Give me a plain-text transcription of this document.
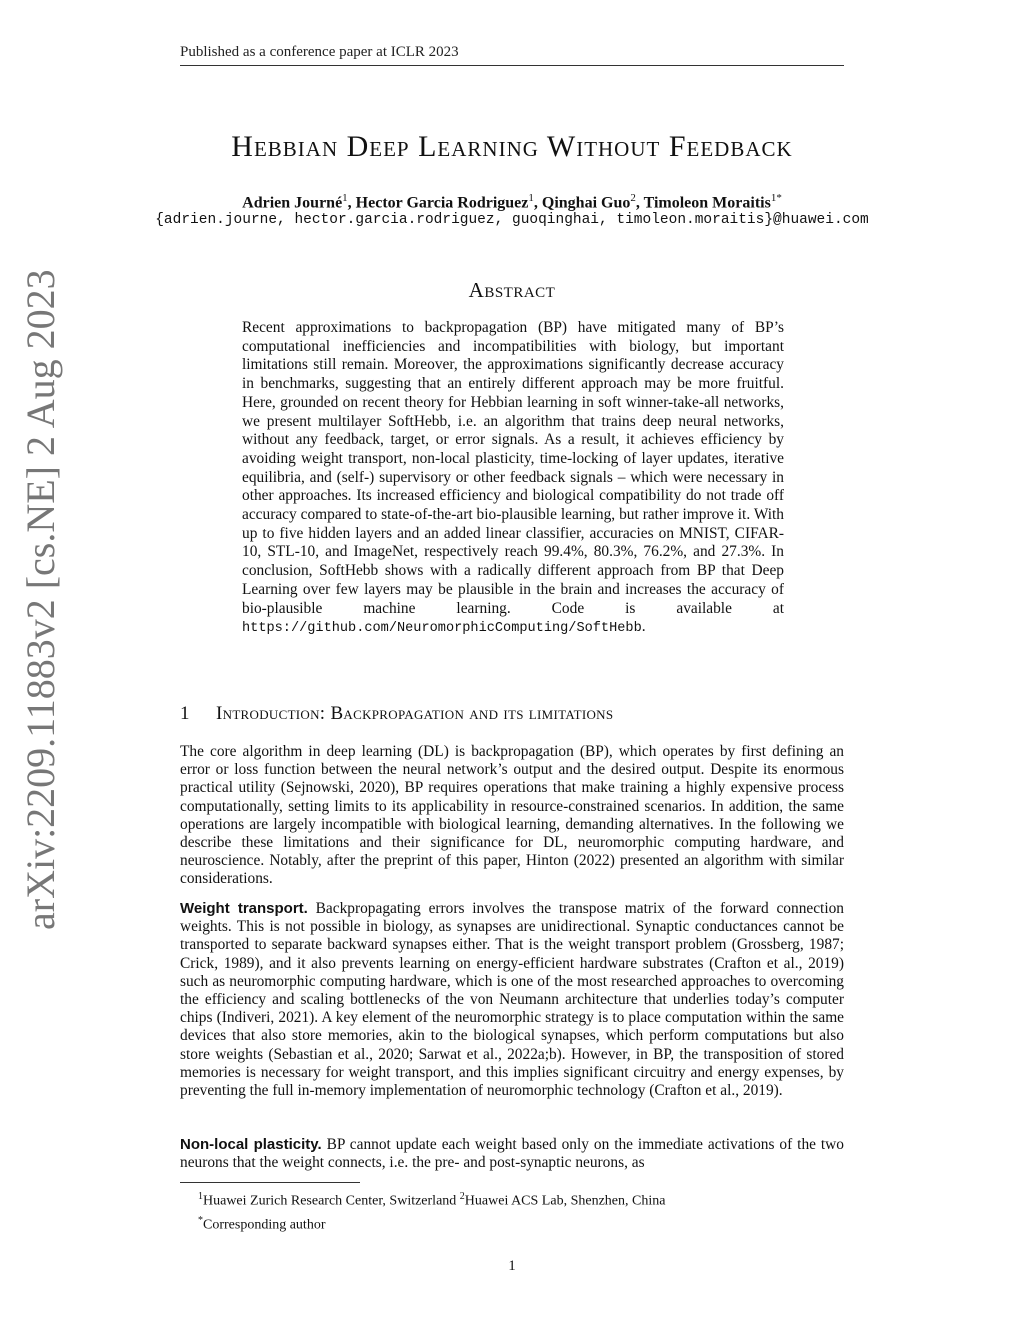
Published as a conference paper at ICLR 2023
arXiv:2209.11883v2 [cs.NE] 2 Aug 2023
Hebbian Deep Learning Without Feedback
Adrien Journé$^1$, Hector Garcia Rodriguez$^1$, Qinghai Guo$^2$, Timoleon Moraitis$^{1*}$
{adrien.journe, hector.garcia.rodriguez, guoqinghai, timoleon.moraitis}@huawei.com
Abstract
Recent approximations to backpropagation (BP) have mitigated many of BP’s computational inefficiencies and incompatibilities with biology, but important limitations still remain. Moreover, the approximations significantly decrease accuracy in benchmarks, suggesting that an entirely different approach may be more fruitful. Here, grounded on recent theory for Hebbian learning in soft winner-take-all networks, we present multilayer SoftHebb, i.e. an algorithm that trains deep neural networks, without any feedback, target, or error signals. As a result, it achieves efficiency by avoiding weight transport, non-local plasticity, time-locking of layer updates, iterative equilibria, and (self-) supervisory or other feedback signals – which were necessary in other approaches. Its increased efficiency and biological compatibility do not trade off accuracy compared to state-of-the-art bio-plausible learning, but rather improve it. With up to five hidden layers and an added linear classifier, accuracies on MNIST, CIFAR-10, STL-10, and ImageNet, respectively reach 99.4%, 80.3%, 76.2%, and 27.3%. In conclusion, SoftHebb shows with a radically different approach from BP that Deep Learning over few layers may be plausible in the brain and increases the accuracy of bio-plausible machine learning. Code is available at https://github.com/NeuromorphicComputing/SoftHebb.
1 Introduction: Backpropagation and its limitations
The core algorithm in deep learning (DL) is backpropagation (BP), which operates by first defining an error or loss function between the neural network’s output and the desired output. Despite its enormous practical utility (Sejnowski, 2020), BP requires operations that make training a highly expensive process computationally, setting limits to its applicability in resource-constrained scenarios. In addition, the same operations are largely incompatible with biological learning, demanding alternatives. In the following we describe these limitations and their significance for DL, neuromorphic computing hardware, and neuroscience. Notably, after the preprint of this paper, Hinton (2022) presented an algorithm with similar considerations.
Weight transport. Backpropagating errors involves the transpose matrix of the forward connection weights. This is not possible in biology, as synapses are unidirectional. Synaptic conductances cannot be transported to separate backward synapses either. That is the weight transport problem (Grossberg, 1987; Crick, 1989), and it also prevents learning on energy-efficient hardware substrates (Crafton et al., 2019) such as neuromorphic computing hardware, which is one of the most researched approaches to overcoming the efficiency and scaling bottlenecks of the von Neumann architecture that underlies today’s computer chips (Indiveri, 2021). A key element of the neuromorphic strategy is to place computation within the same devices that also store memories, akin to the biological synapses, which perform computations but also store weights (Sebastian et al., 2020; Sarwat et al., 2022a;b). However, in BP, the transposition of stored memories is necessary for weight transport, and this implies significant circuitry and energy expenses, by preventing the full in-memory implementation of neuromorphic technology (Crafton et al., 2019).
Non-local plasticity. BP cannot update each weight based only on the immediate activations of the two neurons that the weight connects, i.e. the pre- and post-synaptic neurons, as
$^1$Huawei Zurich Research Center, Switzerland $^2$Huawei ACS Lab, Shenzhen, China
*Corresponding author
1
